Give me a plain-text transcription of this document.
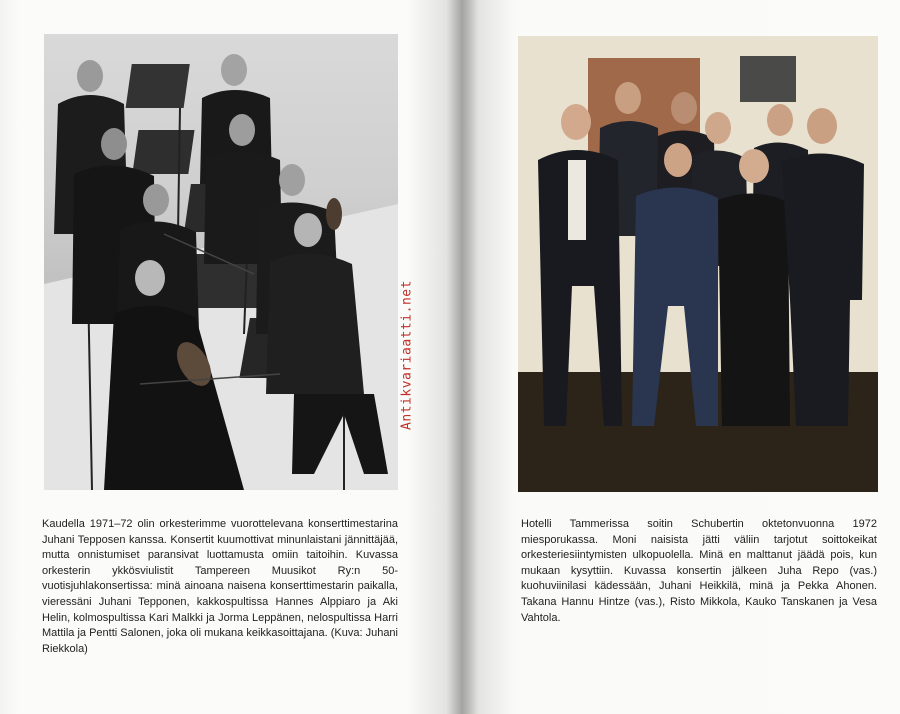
Kaudella 1971–72 olin orkesterimme vuorottelevana konserttimestarina Juhani Tepposen kanssa. Konsertit kuumottivat minunlaistani jännittäjää, mutta onnistumiset paransivat luottamusta omiin taitoihin. Kuvassa orkesterin ykkösviulistit Tampereen Muusikot Ry:n 50-vuotisjuhlakonsertissa: minä ainoana naisena konserttimestarin paikalla, vieressäni Juhani Tepponen, kakkospultissa Hannes Alppiaro ja Aki Helin, kolmospultissa Kari Malkki ja Jorma Leppänen, nelospultissa Harri Mattila ja Pentti Salonen, joka oli mukana keikkasoittajana. (Kuva: Juhani Riekkola)
Hotelli Tammerissa soitin Schubertin oktetonvuonna 1972 miesporukassa. Moni naisista jätti väliin tarjotut soittokeikat orkesteriesiintymisten ulkopuolella. Minä en malttanut jäädä pois, kun mukaan kysyttiin. Kuvassa konsertin jälkeen Juha Repo (vas.) kuohuviinilasi kädessään, Juhani Heikkilä, minä ja Pekka Ahonen. Takana Hannu Hintze (vas.), Risto Mikkola, Kauko Tanskanen ja Vesa Vahtola.
Antikvariaatti.net
